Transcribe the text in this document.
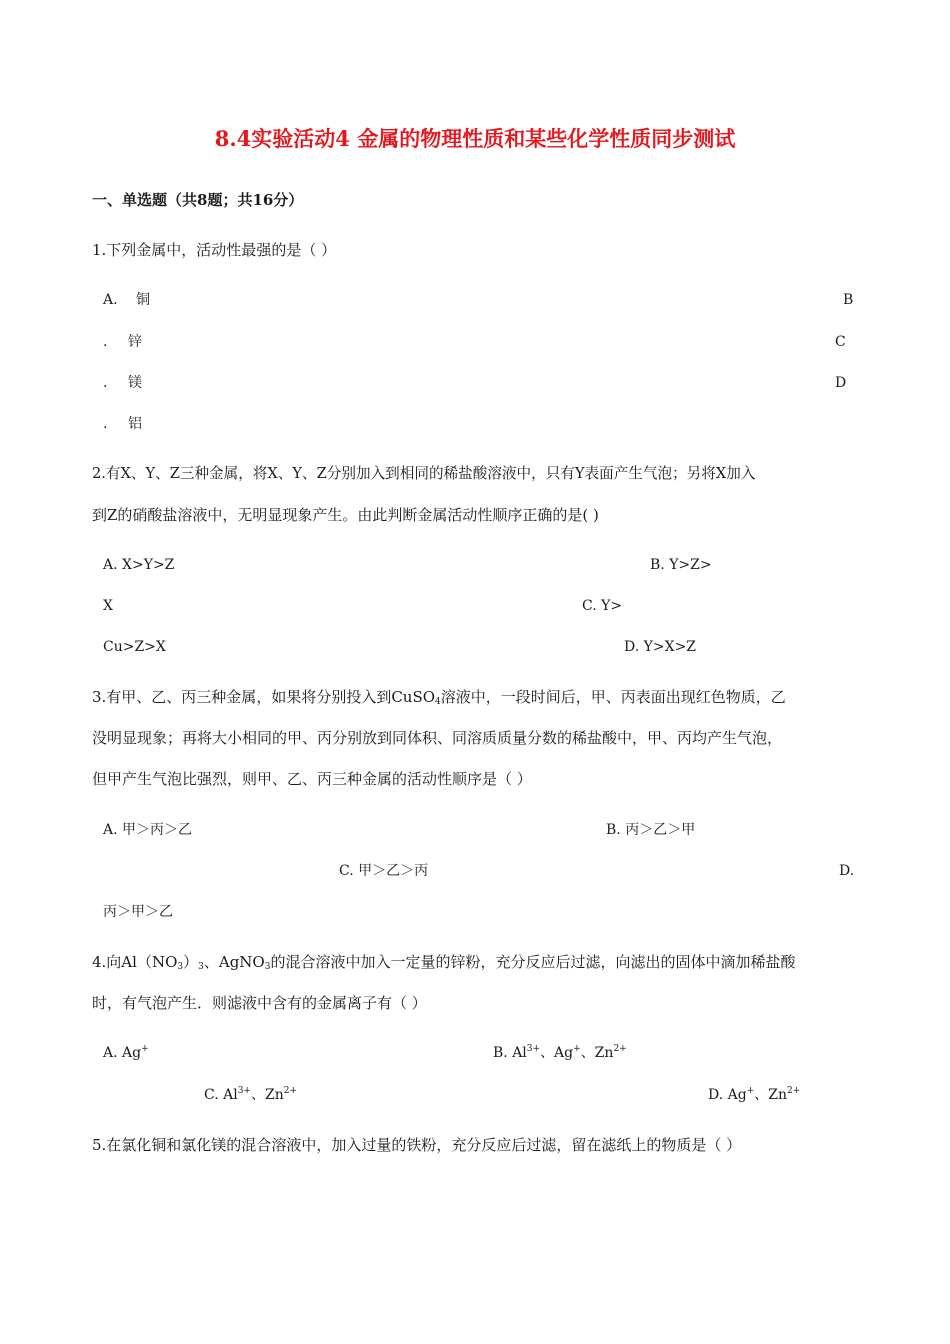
8.4实验活动4 金属的物理性质和某些化学性质同步测试
一、单选题（共8题；共16分）
1.下列金属中，活动性最强的是（ ）
A. 铜	B
. 锌	C
. 镁	D
. 铝
2.有X、Y、Z三种金属，将X、Y、Z分别加入到相同的稀盐酸溶液中，只有Y表面产生气泡；另将X加入
到Z的硝酸盐溶液中，无明显现象产生。由此判断金属活动性顺序正确的是( )
A. X>Y>Z	B. Y>Z>
X	C. Y>
Cu>Z>X	D. Y>X>Z
3.有甲、乙、丙三种金属，如果将分别投入到CuSO$_4$溶液中，一段时间后，甲、丙表面出现红色物质，乙
没明显现象；再将大小相同的甲、丙分别放到同体积、同溶质质量分数的稀盐酸中，甲、丙均产生气泡，
但甲产生气泡比强烈，则甲、乙、丙三种金属的活动性顺序是（ ）
A. 甲＞丙＞乙	B. 丙＞乙＞甲
C. 甲＞乙＞丙	D.
丙＞甲＞乙
4.向$Al(NO_3)_3$、AgNO$_3$的混合溶液中加入一定量的锌粉，充分反应后过滤，向滤出的固体中滴加稀盐酸
时，有气泡产生．则滤液中含有的金属离子有（ ）
A. Ag+	B. $Al^{3+}$、Ag+、$Zn^{2+}$
C. $Al^{3+}$、$Zn^{2+}$	D. Ag+、$Zn^{2+}$
5.在氯化铜和氯化镁的混合溶液中，加入过量的铁粉，充分反应后过滤，留在滤纸上的物质是（ ）
